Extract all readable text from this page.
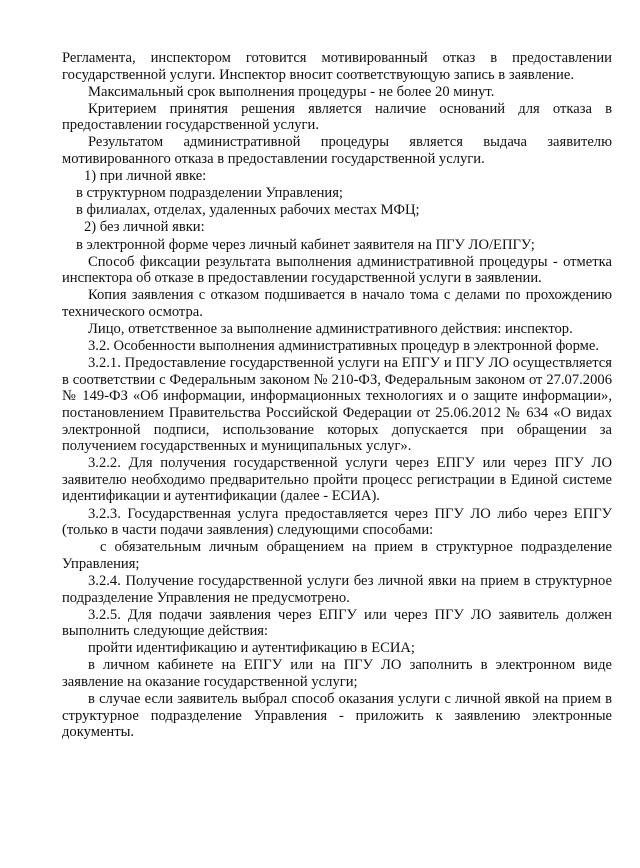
Регламента, инспектором готовится мотивированный отказ в предоставлении государственной услуги. Инспектор вносит соответствующую запись в заявление.

Максимальный срок выполнения процедуры - не более 20 минут.

Критерием принятия решения является наличие оснований для отказа в предоставлении государственной услуги.

Результатом административной процедуры является выдача заявителю мотивированного отказа в предоставлении государственной услуги.

1) при личной явке:

в структурном подразделении Управления;

в филиалах, отделах, удаленных рабочих местах МФЦ;

2) без личной явки:

в электронной форме через личный кабинет заявителя на ПГУ ЛО/ЕПГУ;

Способ фиксации результата выполнения административной процедуры - отметка инспектора об отказе в предоставлении государственной услуги в заявлении.

Копия заявления с отказом подшивается в начало тома с делами по прохождению технического осмотра.

Лицо, ответственное за выполнение административного действия: инспектор.

3.2. Особенности выполнения административных процедур в электронной форме.

3.2.1. Предоставление государственной услуги на ЕПГУ и ПГУ ЛО осуществляется в соответствии с Федеральным законом № 210-ФЗ, Федеральным законом от 27.07.2006 № 149-ФЗ «Об информации, информационных технологиях и о защите информации», постановлением Правительства Российской Федерации от 25.06.2012 № 634 «О видах электронной подписи, использование которых допускается при обращении за получением государственных и муниципальных услуг».

3.2.2. Для получения государственной услуги через ЕПГУ или через ПГУ ЛО заявителю необходимо предварительно пройти процесс регистрации в Единой системе идентификации и аутентификации (далее - ЕСИА).

3.2.3. Государственная услуга предоставляется через ПГУ ЛО либо через ЕПГУ (только в части подачи заявления) следующими способами:

с обязательным личным обращением на прием в структурное подразделение Управления;

3.2.4. Получение государственной услуги без личной явки на прием в структурное подразделение Управления не предусмотрено.

3.2.5. Для подачи заявления через ЕПГУ или через ПГУ ЛО заявитель должен выполнить следующие действия:

пройти идентификацию и аутентификацию в ЕСИА;

в личном кабинете на ЕПГУ или на ПГУ ЛО заполнить в электронном виде заявление на оказание государственной услуги;

в случае если заявитель выбрал способ оказания услуги с личной явкой на прием в структурное подразделение Управления - приложить к заявлению электронные документы.
